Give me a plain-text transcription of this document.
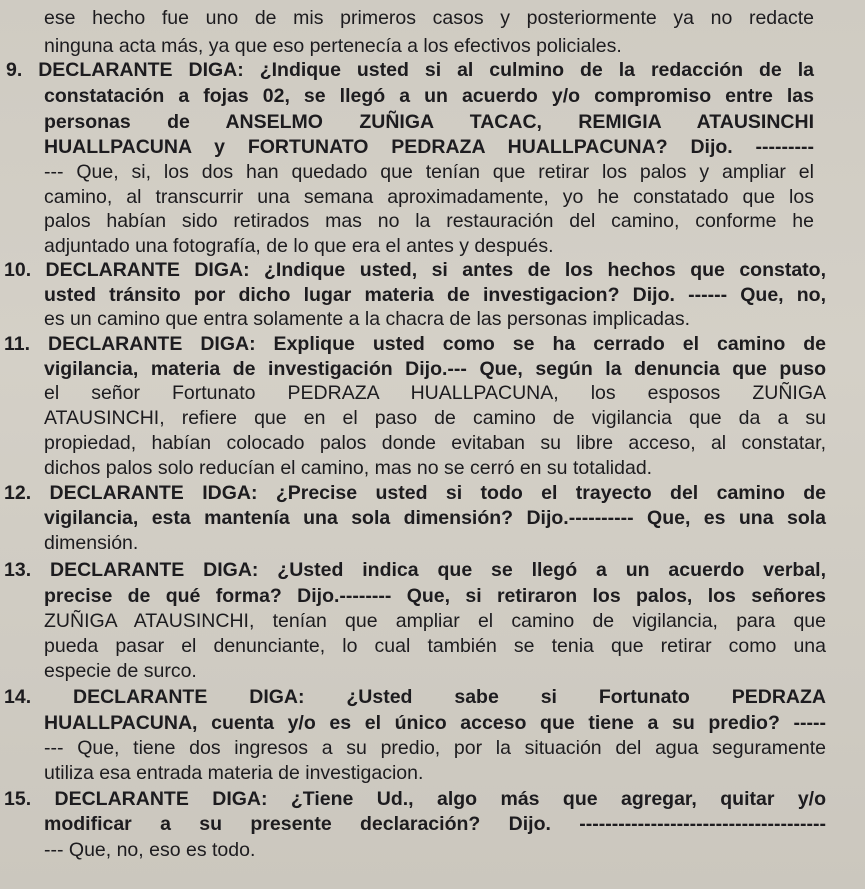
ese hecho fue uno de mis primeros casos y posteriormente ya no redacte
ninguna acta más, ya que eso pertenecía a los efectivos policiales.
9. DECLARANTE DIGA: ¿Indique usted si al culmino de la redacción de la
constatación a fojas 02, se llegó a un acuerdo y/o compromiso entre las
personas de ANSELMO ZUÑIGA TACAC, REMIGIA ATAUSINCHI
HUALLPACUNA y FORTUNATO PEDRAZA HUALLPACUNA? Dijo. ---------
--- Que, si, los dos han quedado que tenían que retirar los palos y ampliar el
camino, al transcurrir una semana aproximadamente, yo he constatado que los
palos habían sido retirados mas no la restauración del camino, conforme he
adjuntado una fotografía, de lo que era el antes y después.
10. DECLARANTE DIGA: ¿Indique usted, si antes de los hechos que constato,
usted tránsito por dicho lugar materia de investigacion? Dijo. ------ Que, no,
es un camino que entra solamente a la chacra de las personas implicadas.
11. DECLARANTE DIGA: Explique usted como se ha cerrado el camino de
vigilancia, materia de investigación Dijo.--- Que, según la denuncia que puso
el señor Fortunato PEDRAZA HUALLPACUNA, los esposos ZUÑIGA
ATAUSINCHI, refiere que en el paso de camino de vigilancia que da a su
propiedad, habían colocado palos donde evitaban su libre acceso, al constatar,
dichos palos solo reducían el camino, mas no se cerró en su totalidad.
12. DECLARANTE IDGA: ¿Precise usted si todo el trayecto del camino de
vigilancia, esta mantenía una sola dimensión? Dijo.---------- Que, es una sola
dimensión.
13. DECLARANTE DIGA: ¿Usted indica que se llegó a un acuerdo verbal,
precise de qué forma? Dijo.-------- Que, si retiraron los palos, los señores
ZUÑIGA ATAUSINCHI, tenían que ampliar el camino de vigilancia, para que
pueda pasar el denunciante, lo cual también se tenia que retirar como una
especie de surco.
14. DECLARANTE DIGA: ¿Usted sabe si Fortunato PEDRAZA
HUALLPACUNA, cuenta y/o es el único acceso que tiene a su predio? -----
--- Que, tiene dos ingresos a su predio, por la situación del agua seguramente
utiliza esa entrada materia de investigacion.
15. DECLARANTE DIGA: ¿Tiene Ud., algo más que agregar, quitar y/o
modificar a su presente declaración? Dijo. --------------------------------------
--- Que, no, eso es todo.
